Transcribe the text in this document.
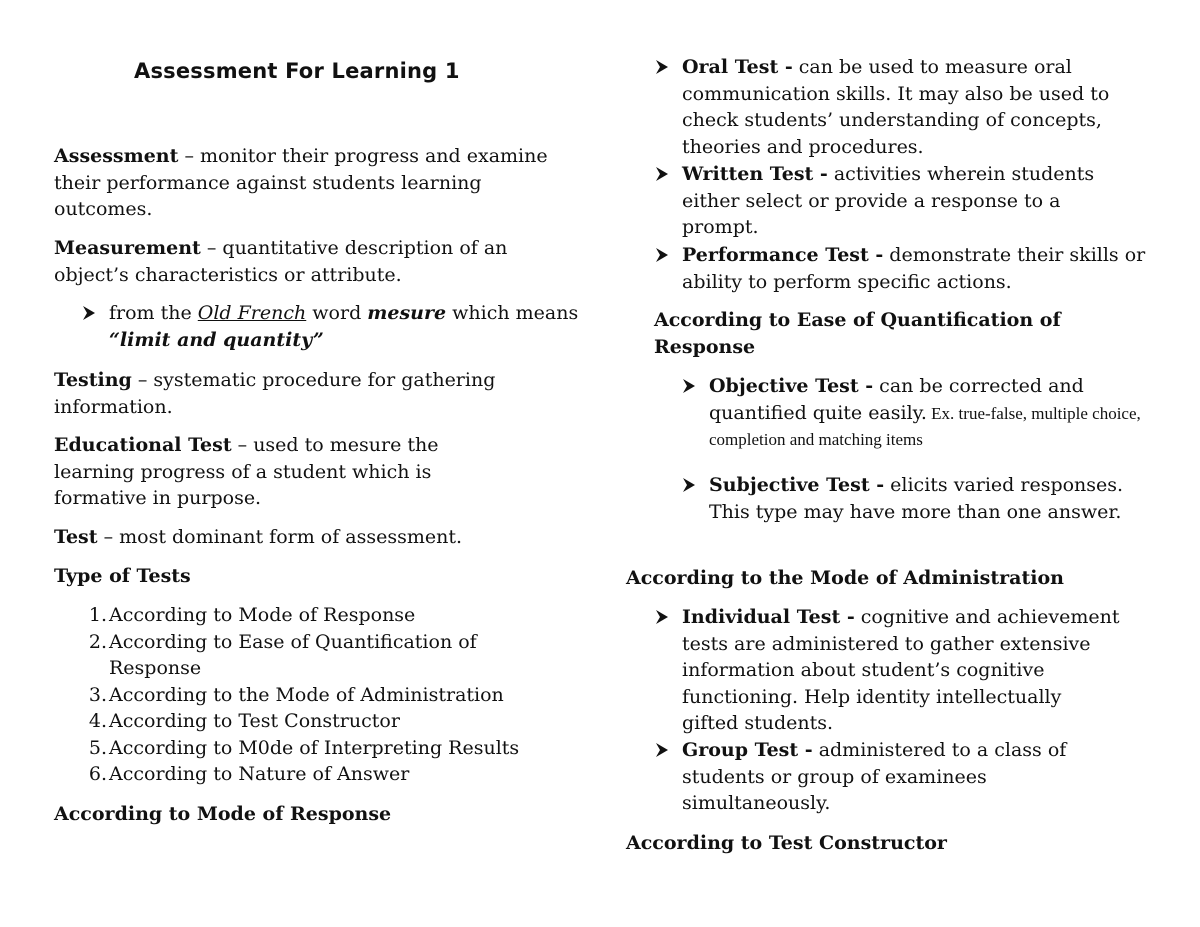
Assessment For Learning 1

Assessment – monitor their progress and examine their performance against students learning outcomes.

Measurement – quantitative description of an object’s characteristics or attribute.

from the Old French word mesure which means “limit and quantity”

Testing – systematic procedure for gathering information.

Educational Test – used to mesure the learning progress of a student which is formative in purpose.

Test – most dominant form of assessment.

Type of Tests

1. According to Mode of Response
2. According to Ease of Quantification of Response
3. According to the Mode of Administration
4. According to Test Constructor
5. According to M0de of Interpreting Results
6. According to Nature of Answer

According to Mode of Response

Oral Test - can be used to measure oral communication skills. It may also be used to check students’ understanding of concepts, theories and procedures.
Written Test - activities wherein students either select or provide a response to a prompt.
Performance Test - demonstrate their skills or ability to perform specific actions.

According to Ease of Quantification of Response

Objective Test - can be corrected and quantified quite easily. Ex. true-false, multiple choice, completion and matching items
Subjective Test - elicits varied responses. This type may have more than one answer.

According to the Mode of Administration

Individual Test - cognitive and achievement tests are administered to gather extensive information about student’s cognitive functioning. Help identity intellectually gifted students.
Group Test - administered to a class of students or group of examinees simultaneously.

According to Test Constructor
